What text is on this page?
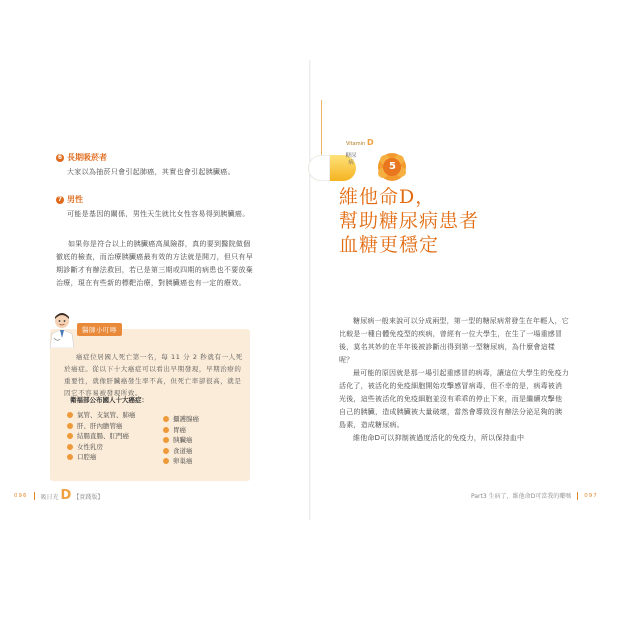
6 長期吸菸者
大家以為抽菸只會引起肺癌，其實也會引起胰臟癌。
7 男性
可能是基因的關係，男性天生就比女性容易得到胰臟癌。
如果你是符合以上的胰臟癌高風險群，真的要到醫院做個
徹底的檢查，而治療胰臟癌最有效的方法就是開刀，但只有早
期診斷才有辦法救回，若已是第三期或四期的病患也不要放棄
治療，現在有些新的標靶治療，對胰臟癌也有一定的療效。
醫師小叮嚀
癌症位居國人死亡第一名，每 11 分 2 秒就有一人死
於癌症。從以下十大癌症可以看出早期發現，早期治療的
重要性，就像肝臟癌發生率不高，但死亡率卻很高，就是
因它不容易被發現所致。
衛福部公布國人十大癌症：
氣管、支氣管、肺癌
肝、肝內膽管癌
結腸直腸、肛門癌
女性乳房
口腔癌
攝護腺癌
胃癌
胰臟癌
食道癌
卵巢癌
096 吸日光 D 【實踐版】
Vitamin D
糖尿病	5
維他命D，
幫助糖尿病患者
血糖更穩定

糖尿病一般來說可以分成兩型，第一型的糖尿病常發生在年輕人，它比較是一種自體免疫型的疾病，曾經有一位大學生，在生了一場重感冒後，莫名其妙的在半年後被診斷出得到第一型糖尿病，為什麼會這樣呢？

最可能的原因就是那一場引起重感冒的病毒，讓這位大學生的免疫力活化了，被活化的免疫細胞開始攻擊感冒病毒，但不幸的是，病毒被消光後，這些被活化的免疫細胞並沒有乖乖的停止下來，而是繼續攻擊他自己的胰臟，造成胰臟被大量破壞，當然會導致沒有辦法分泌足夠的胰島素，造成糖尿病。

維他命D可以抑制被過度活化的免疫力，所以保持血中

Part3 生病了，維他命D可當我的藥嗎 097
